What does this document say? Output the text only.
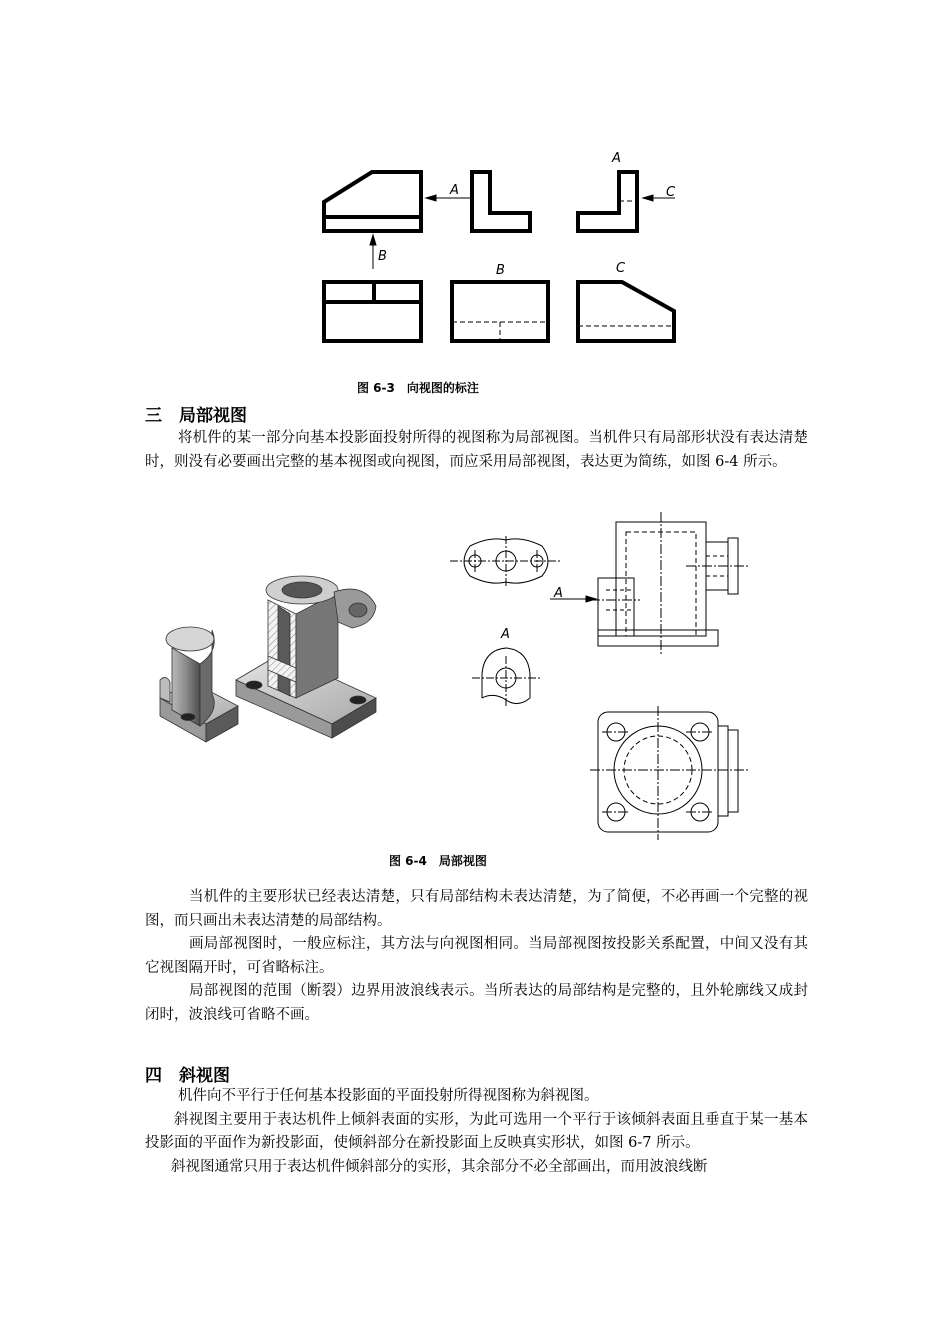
A
A
B
B
C
C
图 6-3　向视图的标注
三　局部视图

将机件的某一部分向基本投影面投射所得的视图称为局部视图。当机件只有局部形状没有表达清楚时，则没有必要画出完整的基本视图或向视图，而应采用局部视图，表达更为简练，如图 6-4 所示。

A
A
图 6-4　局部视图

当机件的主要形状已经表达清楚，只有局部结构未表达清楚，为了简便，不必再画一个完整的视图，而只画出未表达清楚的局部结构。

画局部视图时，一般应标注，其方法与向视图相同。当局部视图按投影关系配置，中间又没有其它视图隔开时，可省略标注。

局部视图的范围（断裂）边界用波浪线表示。当所表达的局部结构是完整的，且外轮廓线又成封闭时，波浪线可省略不画。

四　斜视图

机件向不平行于任何基本投影面的平面投射所得视图称为斜视图。

斜视图主要用于表达机件上倾斜表面的实形，为此可选用一个平行于该倾斜表面且垂直于某一基本投影面的平面作为新投影面，使倾斜部分在新投影面上反映真实形状，如图 6-7 所示。

斜视图通常只用于表达机件倾斜部分的实形，其余部分不必全部画出，而用波浪线断
